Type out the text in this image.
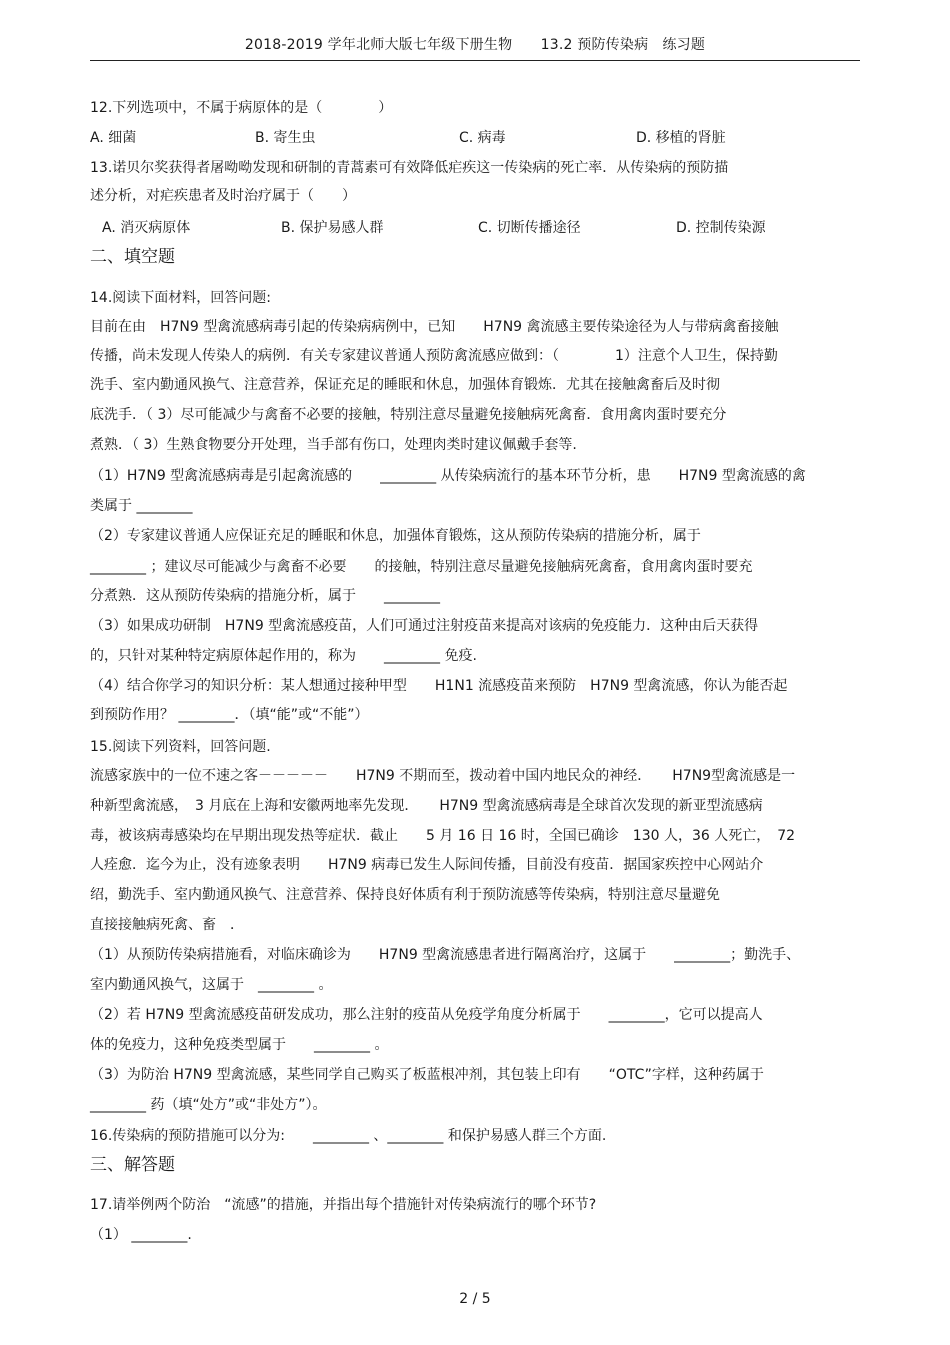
2018-2019 学年北师大版七年级下册生物　　13.2 预防传染病　练习题
12.下列选项中，不属于病原体的是（　　　　）
A. 细菌	B. 寄生虫	C. 病毒	D. 移植的肾脏
13.诺贝尔奖获得者屠呦呦发现和研制的青蒿素可有效降低疟疾这一传染病的死亡率．从传染病的预防描
述分析，对疟疾患者及时治疗属于（　　）
A. 消灭病原体	B. 保护易感人群	C. 切断传播途径	D. 控制传染源
二、填空题
14.阅读下面材料，回答问题:
目前在由　H7N9 型禽流感病毒引起的传染病病例中，已知　　H7N9 禽流感主要传染途径为人与带病禽畜接触
传播，尚未发现人传染人的病例．有关专家建议普通人预防禽流感应做到：（　　　　1）注意个人卫生，保持勤
洗手、室内勤通风换气、注意营养，保证充足的睡眠和休息，加强体育锻炼．尤其在接触禽畜后及时彻
底洗手．（ 3）尽可能减少与禽畜不必要的接触，特别注意尽量避免接触病死禽畜．食用禽肉蛋时要充分
煮熟．（ 3）生熟食物要分开处理，当手部有伤口，处理肉类时建议佩戴手套等.
（1）H7N9 型禽流感病毒是引起禽流感的　　________ 从传染病流行的基本环节分析，患　　H7N9 型禽流感的禽
类属于 ________
（2）专家建议普通人应保证充足的睡眠和休息，加强体育锻炼，这从预防传染病的措施分析，属于
________ ；建议尽可能减少与禽畜不必要　　的接触，特别注意尽量避免接触病死禽畜，食用禽肉蛋时要充
分煮熟．这从预防传染病的措施分析，属于　　________
（3）如果成功研制　H7N9 型禽流感疫苗，人们可通过注射疫苗来提高对该病的免疫能力．这种由后天获得
的，只针对某种特定病原体起作用的，称为　　________ 免疫.
（4）结合你学习的知识分析：某人想通过接种甲型　　H1N1 流感疫苗来预防　H7N9 型禽流感，你认为能否起
到预防作用？ ________．（填“能”或“不能”）
15.阅读下列资料，回答问题.
流感家族中的一位不速之客－－－－－　　H7N9 不期而至，拨动着中国内地民众的神经．　　H7N9型禽流感是一
种新型禽流感，　3 月底在上海和安徽两地率先发现．　　H7N9 型禽流感病毒是全球首次发现的新亚型流感病
毒，被该病毒感染均在早期出现发热等症状．截止　　5 月 16 日 16 时，全国已确诊　130 人，36 人死亡，　72
人痊愈．迄今为止，没有迹象表明　　H7N9 病毒已发生人际间传播，目前没有疫苗．据国家疾控中心网站介
绍，勤洗手、室内勤通风换气、注意营养、保持良好体质有利于预防流感等传染病，特别注意尽量避免
直接接触病死禽、畜　．
（1）从预防传染病措施看，对临床确诊为　　H7N9 型禽流感患者进行隔离治疗，这属于　　________；勤洗手、
室内勤通风换气，这属于　________ 。
（2）若 H7N9 型禽流感疫苗研发成功，那么注射的疫苗从免疫学角度分析属于　　________，它可以提高人
体的免疫力，这种免疫类型属于　　________ 。
（3）为防治 H7N9 型禽流感，某些同学自己购买了板蓝根冲剂，其包装上印有　　“OTC”字样，这种药属于
________ 药（填“处方”或“非处方”）。
16.传染病的预防措施可以分为:　　________ 、________ 和保护易感人群三个方面.
三、解答题
17.请举例两个防治　“流感”的措施，并指出每个措施针对传染病流行的哪个环节?
（1） ________.
2 / 5
